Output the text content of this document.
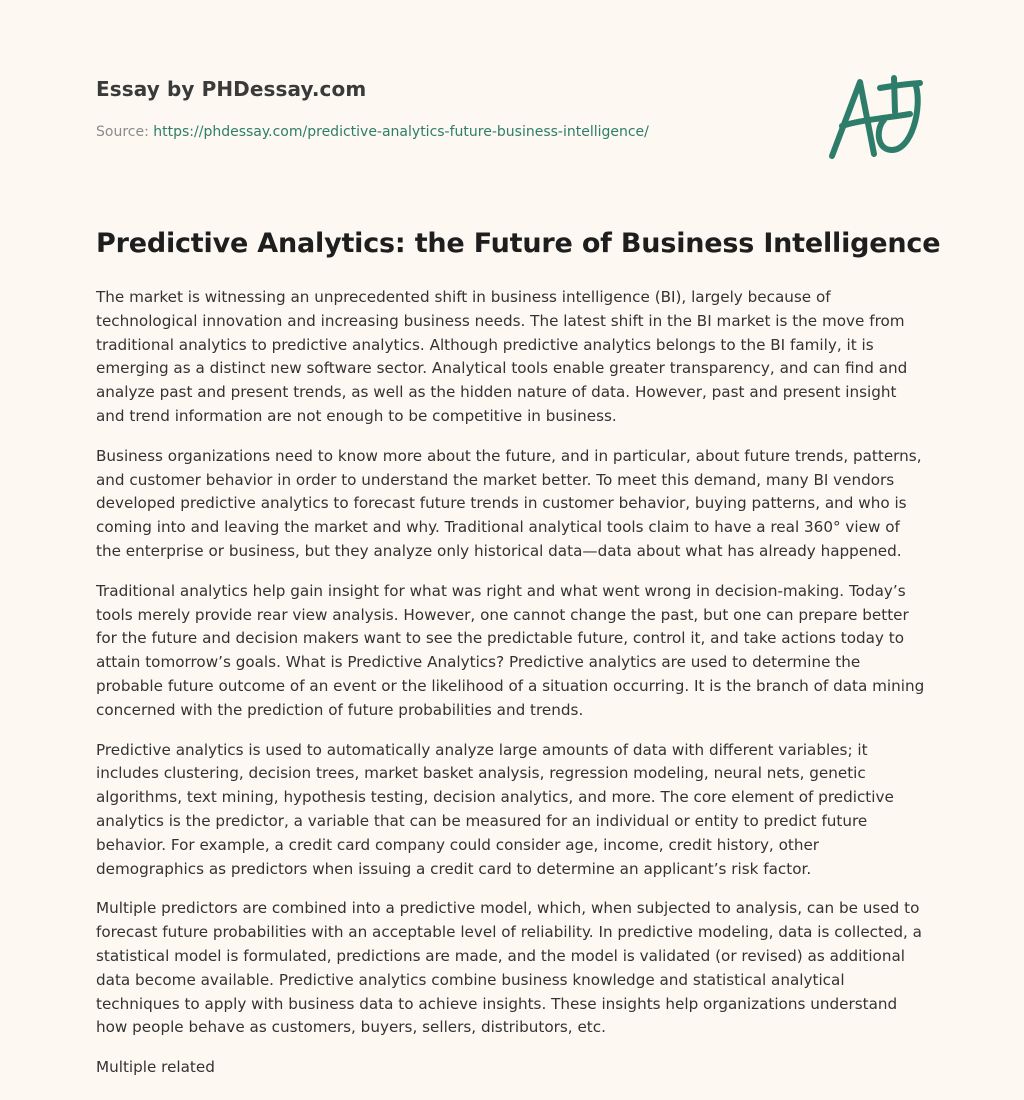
Essay by PHDessay.com
Source: https://phdessay.com/predictive-analytics-future-business-intelligence/
Predictive Analytics: the Future of Business Intelligence

The market is witnessing an unprecedented shift in business intelligence (BI), largely because of technological innovation and increasing business needs. The latest shift in the BI market is the move from traditional analytics to predictive analytics. Although predictive analytics belongs to the BI family, it is emerging as a distinct new software sector. Analytical tools enable greater transparency, and can find and analyze past and present trends, as well as the hidden nature of data. However, past and present insight and trend information are not enough to be competitive in business.

Business organizations need to know more about the future, and in particular, about future trends, patterns, and customer behavior in order to understand the market better. To meet this demand, many BI vendors developed predictive analytics to forecast future trends in customer behavior, buying patterns, and who is coming into and leaving the market and why. Traditional analytical tools claim to have a real 360° view of the enterprise or business, but they analyze only historical data—data about what has already happened.

Traditional analytics help gain insight for what was right and what went wrong in decision-making. Today’s tools merely provide rear view analysis. However, one cannot change the past, but one can prepare better for the future and decision makers want to see the predictable future, control it, and take actions today to attain tomorrow’s goals. What is Predictive Analytics? Predictive analytics are used to determine the probable future outcome of an event or the likelihood of a situation occurring. It is the branch of data mining concerned with the prediction of future probabilities and trends.

Predictive analytics is used to automatically analyze large amounts of data with different variables; it includes clustering, decision trees, market basket analysis, regression modeling, neural nets, genetic algorithms, text mining, hypothesis testing, decision analytics, and more. The core element of predictive analytics is the predictor, a variable that can be measured for an individual or entity to predict future behavior. For example, a credit card company could consider age, income, credit history, other demographics as predictors when issuing a credit card to determine an applicant’s risk factor.

Multiple predictors are combined into a predictive model, which, when subjected to analysis, can be used to forecast future probabilities with an acceptable level of reliability. In predictive modeling, data is collected, a statistical model is formulated, predictions are made, and the model is validated (or revised) as additional data become available. Predictive analytics combine business knowledge and statistical analytical techniques to apply with business data to achieve insights. These insights help organizations understand how people behave as customers, buyers, sellers, distributors, etc.

Multiple related
